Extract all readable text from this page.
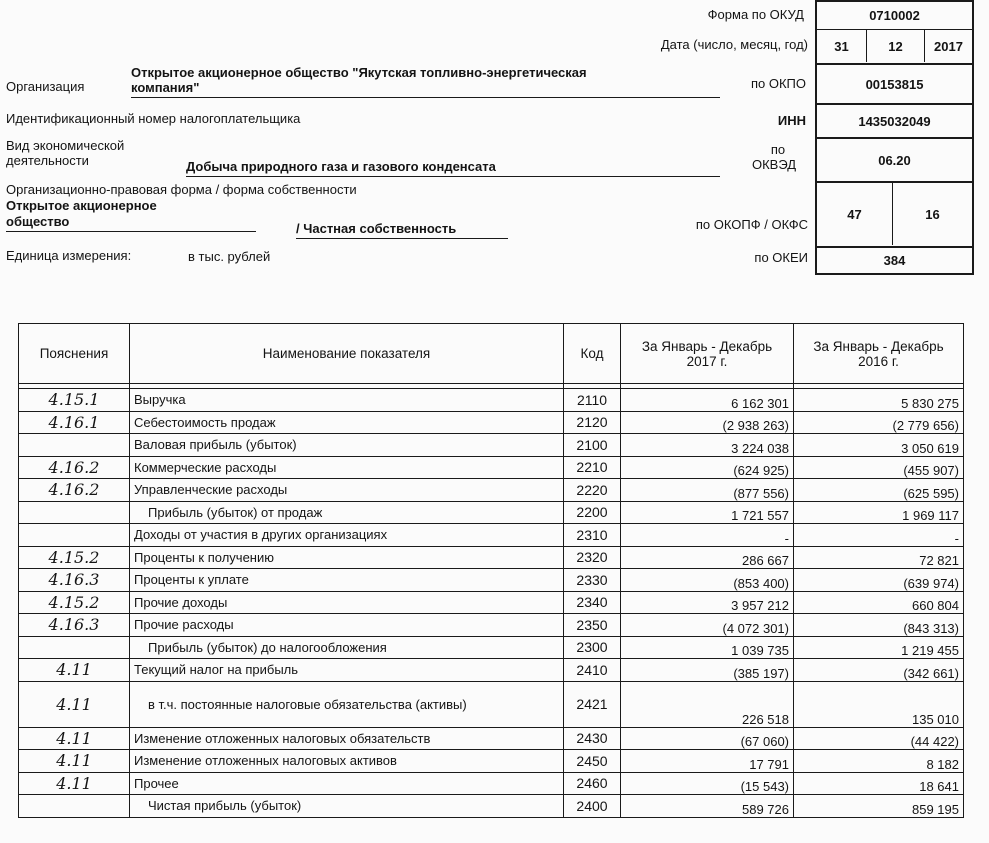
Форма по ОКУД	0710002
Дата (число, месяц, год)	31	12	2017
Организация
Открытое акционерное общество "Якутская топливно-энергетическая
компания"	по ОКПО	00153815
Идентификационный номер налогоплательщика	ИНН	1435032049
Вид экономической
деятельности	Добыча природного газа и газового конденсата
по
ОКВЭД	06.20
Организационно-правовая форма / форма собственности
Открытое акционерное
общество	/ Частная собственность	по ОКОПФ / ОКФС
47	16
Единица измерения:	в тыс. рублей	по ОКЕИ	384
Пояснения	Наименование показателя	Код	За Январь - Декабрь 2017 г.	За Январь - Декабрь 2016 г.

4.15.1	Выручка	2110	6 162 301	5 830 275
4.16.1	Себестоимость продаж	2120	(2 938 263)	(2 779 656)
	Валовая прибыль (убыток)	2100	3 224 038	3 050 619
4.16.2	Коммерческие расходы	2210	(624 925)	(455 907)
4.16.2	Управленческие расходы	2220	(877 556)	(625 595)
	Прибыль (убыток) от продаж	2200	1 721 557	1 969 117
	Доходы от участия в других организациях	2310	-	-
4.15.2	Проценты к получению	2320	286 667	72 821
4.16.3	Проценты к уплате	2330	(853 400)	(639 974)
4.15.2	Прочие доходы	2340	3 957 212	660 804
4.16.3	Прочие расходы	2350	(4 072 301)	(843 313)
	Прибыль (убыток) до налогообложения	2300	1 039 735	1 219 455
4.11	Текущий налог на прибыль	2410	(385 197)	(342 661)
4.11	в т.ч. постоянные налоговые обязательства (активы)	2421	226 518	135 010
4.11	Изменение отложенных налоговых обязательств	2430	(67 060)	(44 422)
4.11	Изменение отложенных налоговых активов	2450	17 791	8 182
4.11	Прочее	2460	(15 543)	18 641
	Чистая прибыль (убыток)	2400	589 726	859 195
